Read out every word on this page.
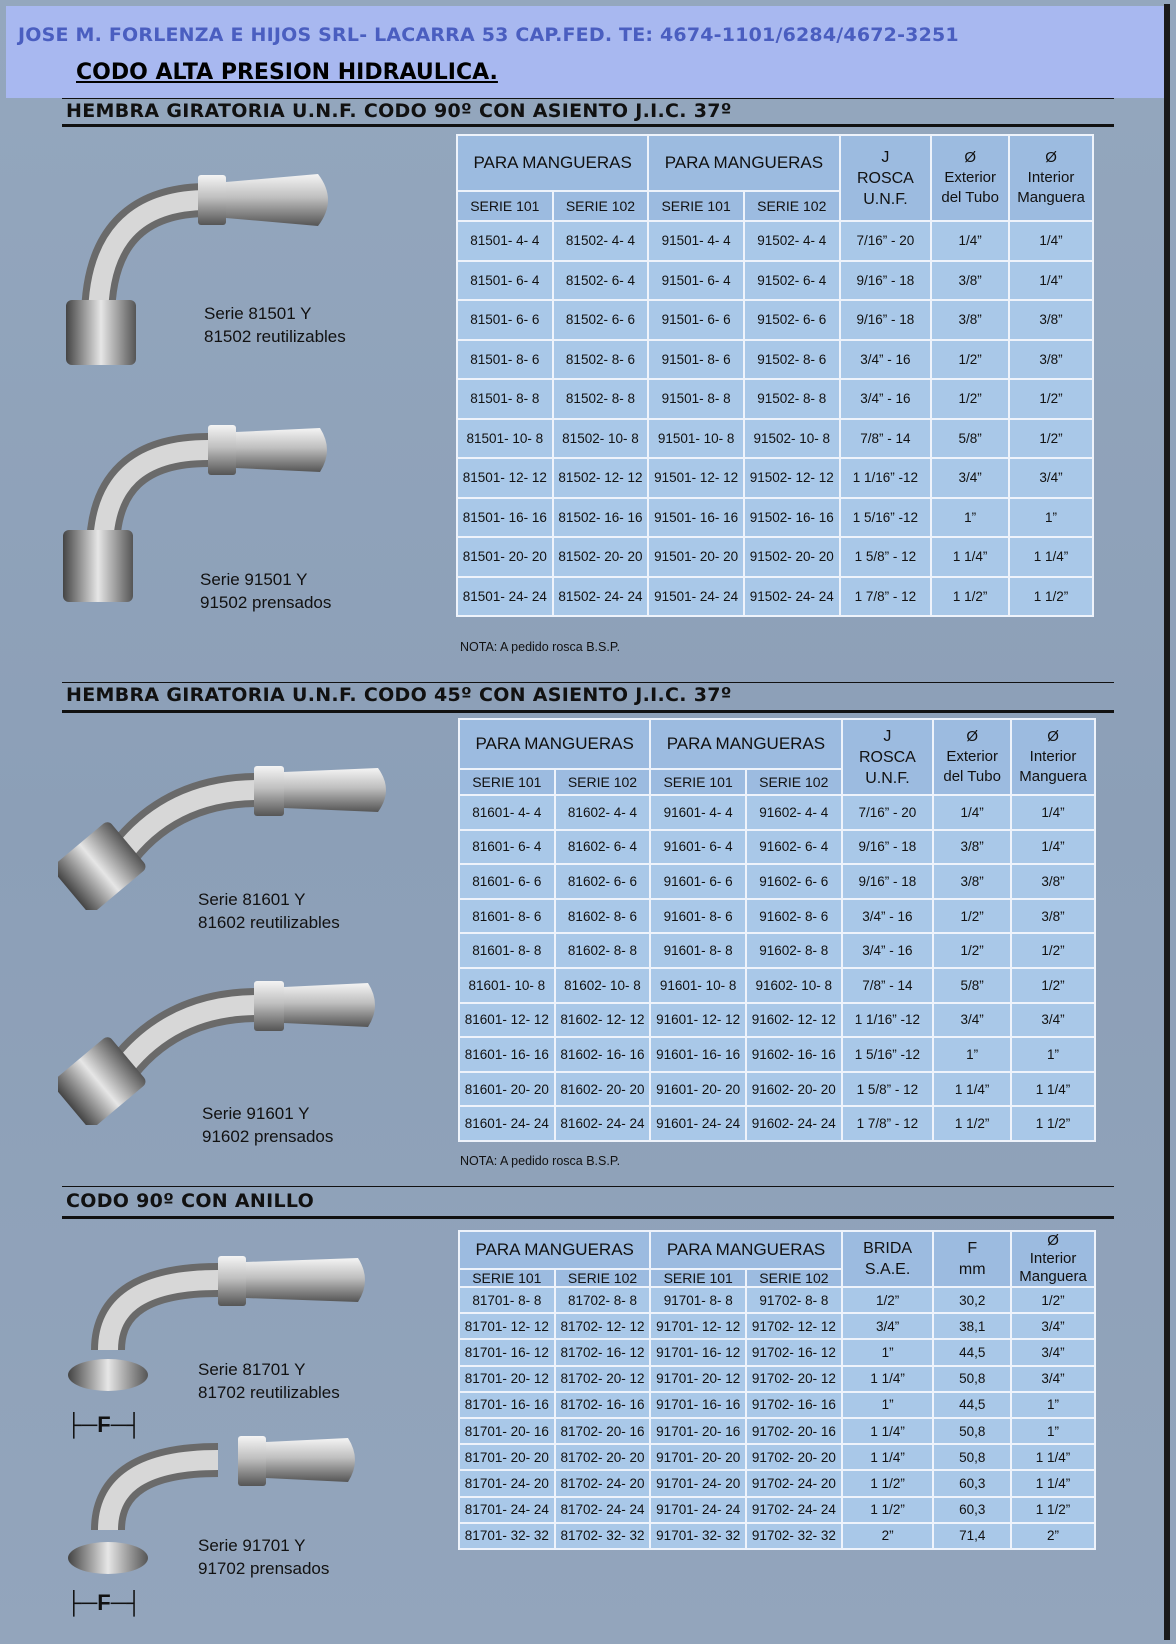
JOSE M. FORLENZA E HIJOS SRL- LACARRA 53 CAP.FED. TE: 4674-1101/6284/4672-3251
CODO ALTA PRESION HIDRAULICA.
HEMBRA GIRATORIA U.N.F. CODO 90º CON ASIENTO J.I.C. 37º
Serie 81501 Y
81502 reutilizables
Serie 91501 Y
91502 prensados
PARA MANGUERAS		PARA MANGUERAS		J
ROSCA
U.N.F.	Ø
Exterior
del Tubo	Ø
Interior
Manguera
SERIE 101	SERIE 102	SERIE 101	SERIE 102			
81501- 4- 4	81502- 4- 4	91501- 4- 4	91502- 4- 4	7/16” - 20	1/4”	1/4”
81501- 6- 4	81502- 6- 4	91501- 6- 4	91502- 6- 4	9/16” - 18	3/8”	1/4”
81501- 6- 6	81502- 6- 6	91501- 6- 6	91502- 6- 6	9/16” - 18	3/8”	3/8”
81501- 8- 6	81502- 8- 6	91501- 8- 6	91502- 8- 6	3/4” - 16	1/2”	3/8”
81501- 8- 8	81502- 8- 8	91501- 8- 8	91502- 8- 8	3/4” - 16	1/2”	1/2”
81501- 10- 8	81502- 10- 8	91501- 10- 8	91502- 10- 8	7/8” - 14	5/8”	1/2”
81501- 12- 12	81502- 12- 12	91501- 12- 12	91502- 12- 12	1 1/16” -12	3/4”	3/4”
81501- 16- 16	81502- 16- 16	91501- 16- 16	91502- 16- 16	1 5/16” -12	1”	1”
81501- 20- 20	81502- 20- 20	91501- 20- 20	91502- 20- 20	1 5/8” - 12	1 1/4”	1 1/4”
81501- 24- 24	81502- 24- 24	91501- 24- 24	91502- 24- 24	1 7/8” - 12	1 1/2”	1 1/2”
NOTA: A pedido rosca B.S.P.
HEMBRA GIRATORIA U.N.F. CODO 45º CON ASIENTO J.I.C. 37º
Serie 81601 Y
81602 reutilizables
Serie 91601 Y
91602 prensados
PARA MANGUERAS		PARA MANGUERAS		J
ROSCA
U.N.F.	Ø
Exterior
del Tubo	Ø
Interior
Manguera
SERIE 101	SERIE 102	SERIE 101	SERIE 102			
81601- 4- 4	81602- 4- 4	91601- 4- 4	91602- 4- 4	7/16” - 20	1/4”	1/4”
81601- 6- 4	81602- 6- 4	91601- 6- 4	91602- 6- 4	9/16” - 18	3/8”	1/4”
81601- 6- 6	81602- 6- 6	91601- 6- 6	91602- 6- 6	9/16” - 18	3/8”	3/8”
81601- 8- 6	81602- 8- 6	91601- 8- 6	91602- 8- 6	3/4” - 16	1/2”	3/8”
81601- 8- 8	81602- 8- 8	91601- 8- 8	91602- 8- 8	3/4” - 16	1/2”	1/2”
81601- 10- 8	81602- 10- 8	91601- 10- 8	91602- 10- 8	7/8” - 14	5/8”	1/2”
81601- 12- 12	81602- 12- 12	91601- 12- 12	91602- 12- 12	1 1/16” -12	3/4”	3/4”
81601- 16- 16	81602- 16- 16	91601- 16- 16	91602- 16- 16	1 5/16” -12	1”	1”
81601- 20- 20	81602- 20- 20	91601- 20- 20	91602- 20- 20	1 5/8” - 12	1 1/4”	1 1/4”
81601- 24- 24	81602- 24- 24	91601- 24- 24	91602- 24- 24	1 7/8” - 12	1 1/2”	1 1/2”
NOTA: A pedido rosca B.S.P.
CODO 90º CON ANILLO
Serie 81701 Y
81702 reutilizables
├─F─┤
Serie 91701 Y
91702 prensados
├─F─┤
PARA MANGUERAS		PARA MANGUERAS		BRIDA
S.A.E.	F
mm	Ø
Interior
Manguera
SERIE 101	SERIE 102	SERIE 101	SERIE 102			
81701- 8- 8	81702- 8- 8	91701- 8- 8	91702- 8- 8	1/2”	30,2	1/2”
81701- 12- 12	81702- 12- 12	91701- 12- 12	91702- 12- 12	3/4”	38,1	3/4”
81701- 16- 12	81702- 16- 12	91701- 16- 12	91702- 16- 12	1”	44,5	3/4”
81701- 20- 12	81702- 20- 12	91701- 20- 12	91702- 20- 12	1 1/4”	50,8	3/4”
81701- 16- 16	81702- 16- 16	91701- 16- 16	91702- 16- 16	1”	44,5	1”
81701- 20- 16	81702- 20- 16	91701- 20- 16	91702- 20- 16	1 1/4”	50,8	1”
81701- 20- 20	81702- 20- 20	91701- 20- 20	91702- 20- 20	1 1/4”	50,8	1 1/4”
81701- 24- 20	81702- 24- 20	91701- 24- 20	91702- 24- 20	1 1/2”	60,3	1 1/4”
81701- 24- 24	81702- 24- 24	91701- 24- 24	91702- 24- 24	1 1/2”	60,3	1 1/2”
81701- 32- 32	81702- 32- 32	91701- 32- 32	91702- 32- 32	2”	71,4	2”
